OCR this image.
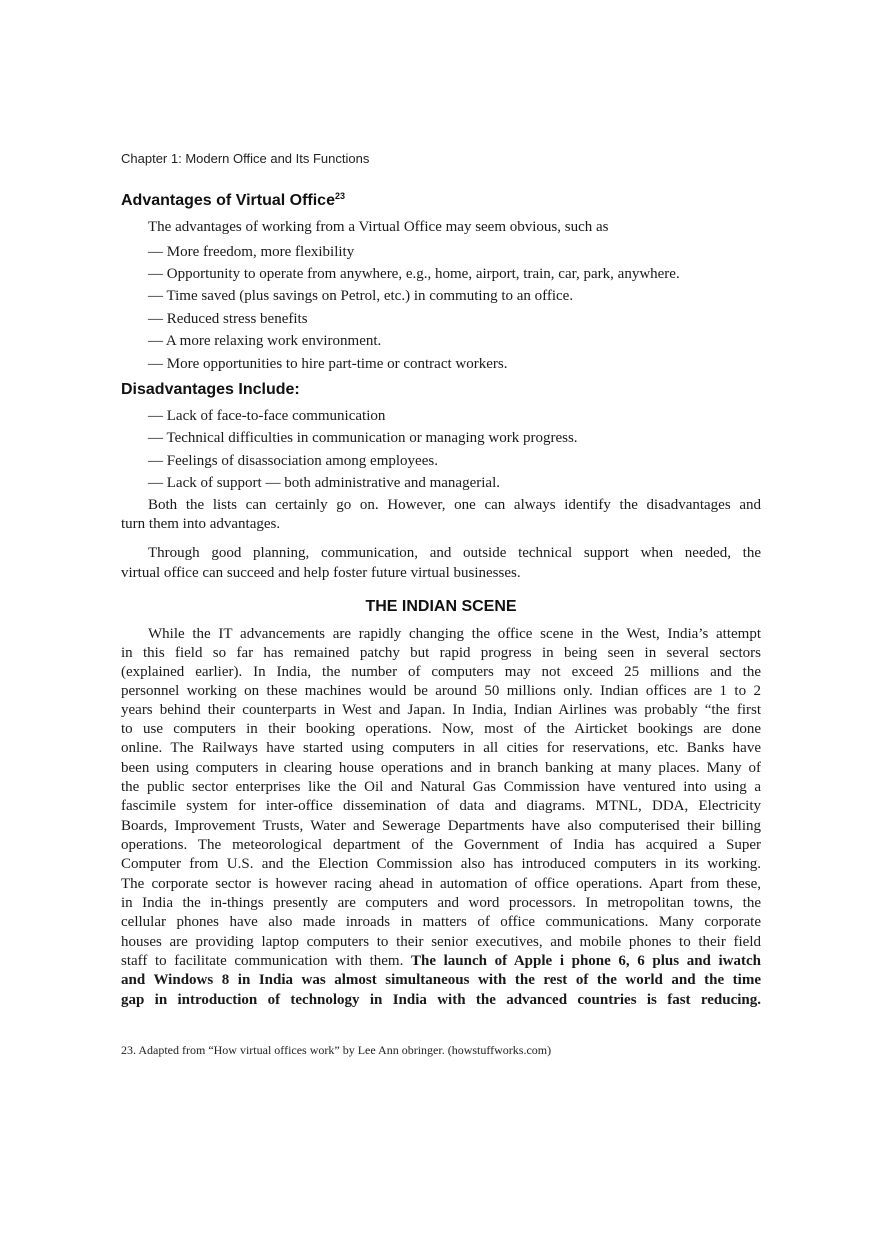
Chapter 1: Modern Office and Its Functions
Advantages of Virtual Office$^{23}$
The advantages of working from a Virtual Office may seem obvious, such as
— More freedom, more flexibility
— Opportunity to operate from anywhere, e.g., home, airport, train, car, park, anywhere.
— Time saved (plus savings on Petrol, etc.) in commuting to an office.
— Reduced stress benefits
— A more relaxing work environment.
— More opportunities to hire part-time or contract workers.
Disadvantages Include:
— Lack of face-to-face communication
— Technical difficulties in communication or managing work progress.
— Feelings of disassociation among employees.
— Lack of support — both administrative and managerial.
Both the lists can certainly go on. However, one can always identify the disadvantages and
turn them into advantages.
Through good planning, communication, and outside technical support when needed, the
virtual office can succeed and help foster future virtual businesses.
THE INDIAN SCENE
While the IT advancements are rapidly changing the office scene in the West, India’s attempt
in this field so far has remained patchy but rapid progress in being seen in several sectors
(explained earlier). In India, the number of computers may not exceed 25 millions and the
personnel working on these machines would be around 50 millions only. Indian offices are 1 to 2
years behind their counterparts in West and Japan. In India, Indian Airlines was probably “the first
to use computers in their booking operations. Now, most of the Airticket bookings are done
online. The Railways have started using computers in all cities for reservations, etc. Banks have
been using computers in clearing house operations and in branch banking at many places. Many of
the public sector enterprises like the Oil and Natural Gas Commission have ventured into using a
fascimile system for inter-office dissemination of data and diagrams. MTNL, DDA, Electricity
Boards, Improvement Trusts, Water and Sewerage Departments have also computerised their billing
operations. The meteorological department of the Government of India has acquired a Super
Computer from U.S. and the Election Commission also has introduced computers in its working.
The corporate sector is however racing ahead in automation of office operations. Apart from these,
in India the in-things presently are computers and word processors. In metropolitan towns, the
cellular phones have also made inroads in matters of office communications. Many corporate
houses are providing laptop computers to their senior executives, and mobile phones to their field
staff to facilitate communication with them. The launch of Apple i phone 6, 6 plus and iwatch
and Windows 8 in India was almost simultaneous with the rest of the world and the time
gap in introduction of technology in India with the advanced countries is fast reducing.
23. Adapted from “How virtual offices work” by Lee Ann obringer. (howstuffworks.com)
